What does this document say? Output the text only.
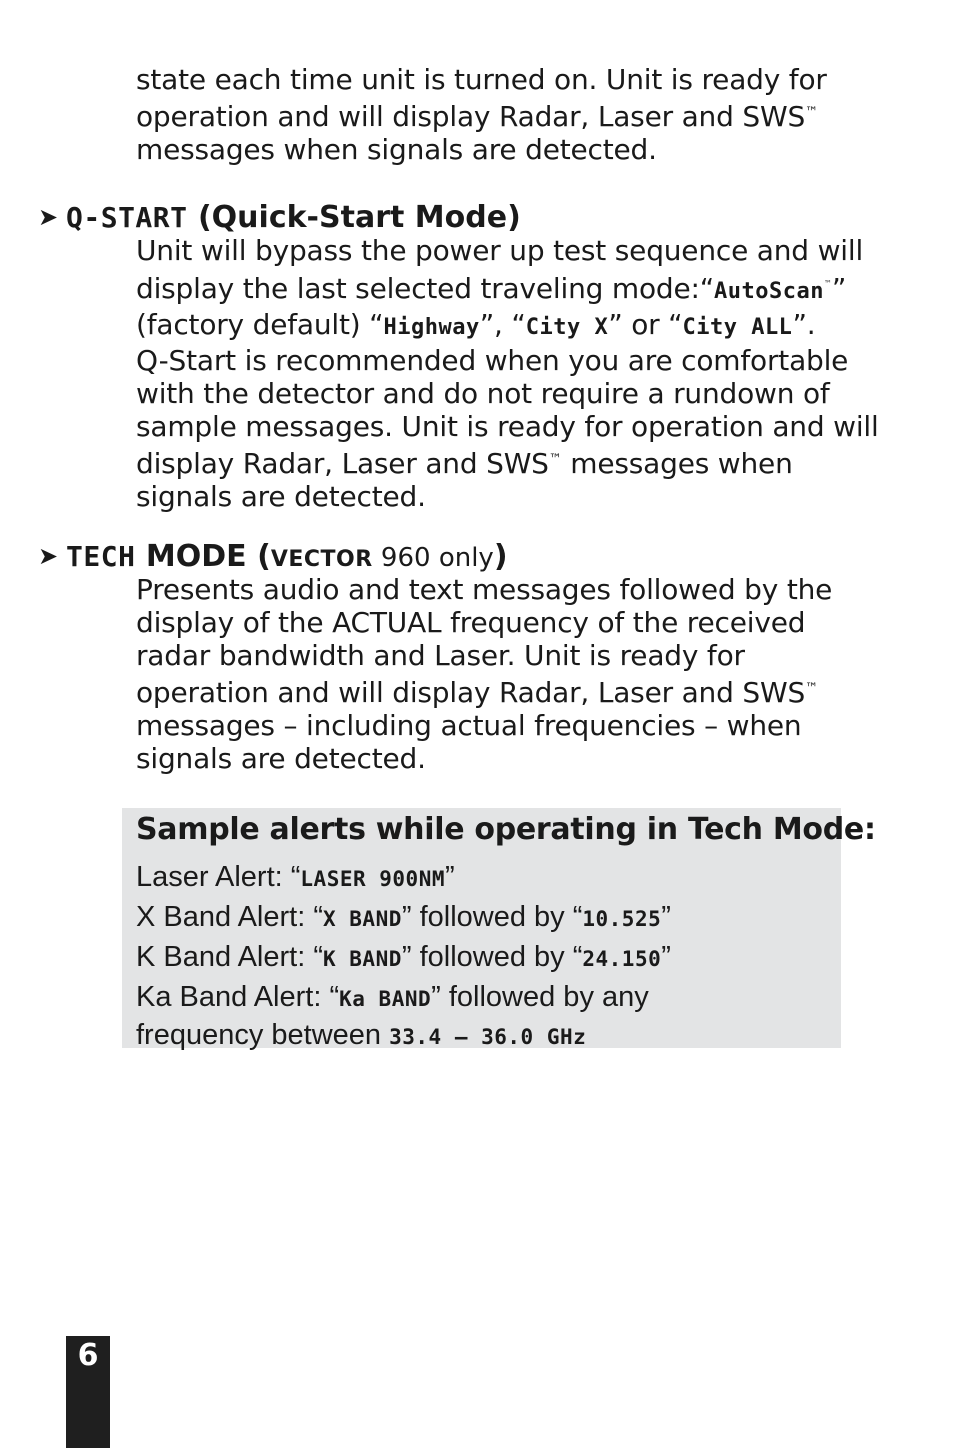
state each time unit is turned on. Unit is ready for
operation and will display Radar, Laser and SWS™
messages when signals are detected.
➤ Q-START (Quick-Start Mode)
Unit will bypass the power up test sequence and will
display the last selected traveling mode:“AutoScan™”
(factory default) “Highway”, “City X” or “City ALL”.
Q-Start is recommended when you are comfortable
with the detector and do not require a rundown of
sample messages. Unit is ready for operation and will
display Radar, Laser and SWS™ messages when
signals are detected.
➤ TECH MODE (VECTOR 960 only)
Presents audio and text messages followed by the
display of the ACTUAL frequency of the received
radar bandwidth and Laser. Unit is ready for
operation and will display Radar, Laser and SWS™
messages – including actual frequencies – when
signals are detected.

Sample alerts while operating in Tech Mode:

Laser Alert: “LASER 900NM”
X Band Alert: “X BAND” followed by “10.525”
K Band Alert: “K BAND” followed by “24.150”
Ka Band Alert: “Ka BAND” followed by any
frequency between 33.4 – 36.0 GHz
6
